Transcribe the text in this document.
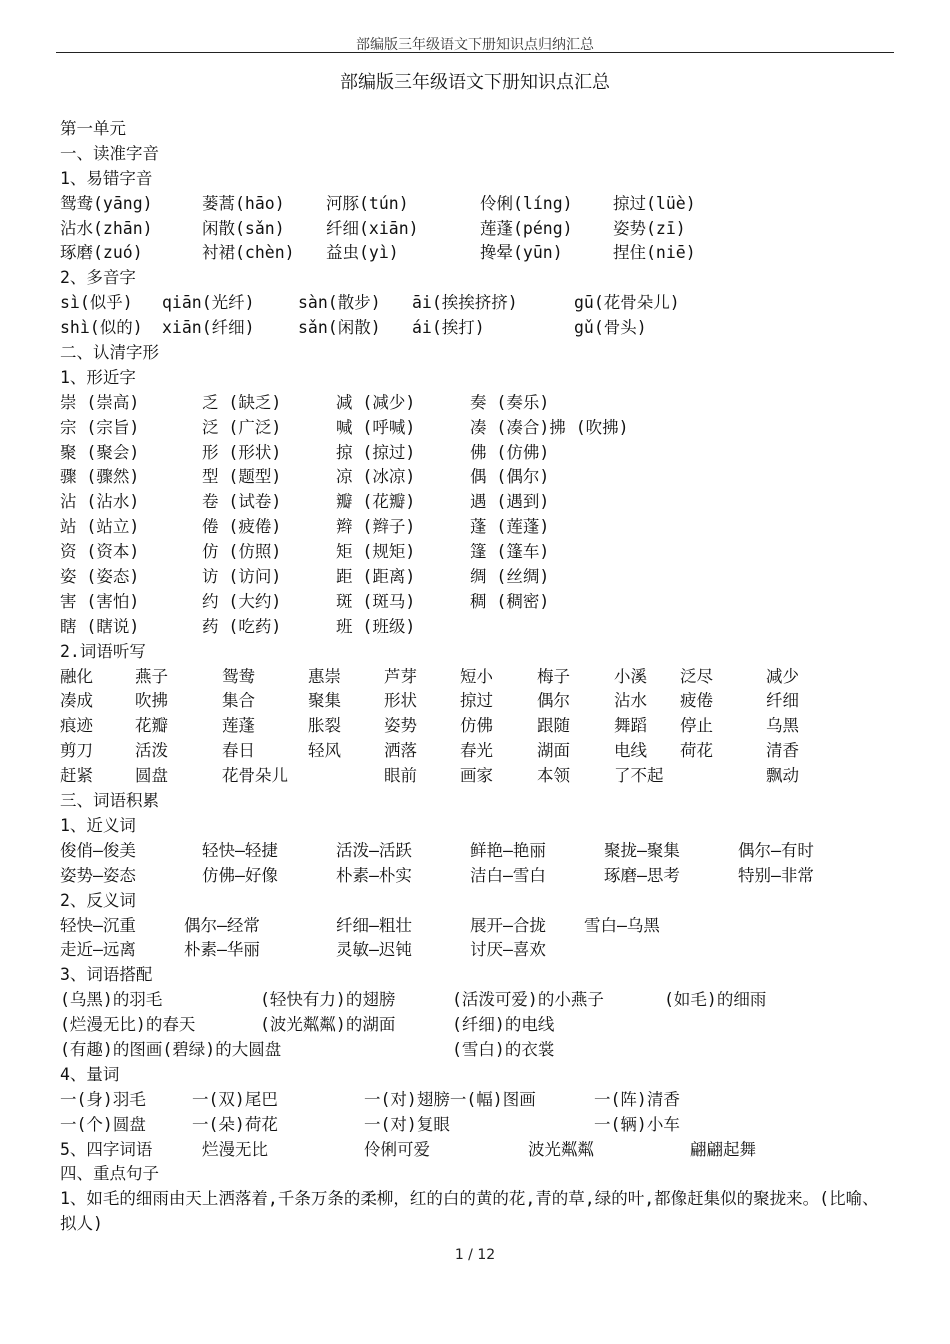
部编版三年级语文下册知识点归纳汇总
部编版三年级语文下册知识点汇总
第一单元
一、读准字音
1、易错字音
鸳鸯(yāng)	蒌蒿(hāo)	河豚(tún)	伶俐(líng) 掠过(lüè)
沾水(zhān)	闲散(sǎn)	纤细(xiān)	莲蓬(péng) 姿势(zī)
琢磨(zuó)	衬裙(chèn) 益虫(yì)	搀晕(yūn)	捏住(niē)
2、多音字
sì(似乎) qiān(光纤)	sàn(散步) āi(挨挨挤挤)	gū(花骨朵儿)
shì(似的) xiān(纤细)	sǎn(闲散) ái(挨打)	gǔ(骨头)
二、认清字形
1、形近字
崇 (崇高)	乏 (缺乏)	减 (减少)	奏 (奏乐)
宗 (宗旨)	泛 (广泛)	喊 (呼喊)	凑 (凑合)拂 (吹拂)
聚 (聚会)	形 (形状)	掠 (掠过)	佛 (仿佛)
骤 (骤然)	型 (题型)	凉 (冰凉)	偶 (偶尔)
沾 (沾水)	卷 (试卷)	瓣 (花瓣)	遇 (遇到)
站 (站立)	倦 (疲倦)	辫 (辫子)	蓬 (莲蓬)
资 (资本)	仿 (仿照)	矩 (规矩)	篷 (篷车)
姿 (姿态)	访 (访问)	距 (距离)	绸 (丝绸)
害 (害怕)	约 (大约)	斑 (斑马)	稠 (稠密)
瞎 (瞎说)	药 (吃药)	班 (班级)
2.词语听写
融化	燕子	鸳鸯	惠崇	芦芽	短小	梅子	小溪 泛尽	减少
凑成	吹拂	集合	聚集	形状	掠过	偶尔	沾水 疲倦	纤细
痕迹	花瓣	莲蓬	胀裂	姿势	仿佛	跟随	舞蹈 停止	乌黑
剪刀	活泼	春日	轻风	洒落	春光	湖面	电线 荷花	清香
赶紧	圆盘	花骨朵儿	眼前	画家	本领	了不起	飘动
三、词语积累
1、近义词
俊俏—俊美	轻快—轻捷	活泼—活跃	鲜艳—艳丽	聚拢—聚集	偶尔—有时
姿势—姿态	仿佛—好像	朴素—朴实	洁白—雪白	琢磨—思考	特别—非常
2、反义词
轻快—沉重	偶尔—经常	纤细—粗壮	展开—合拢 雪白—乌黑
走近—远离	朴素—华丽	灵敏—迟钝	讨厌—喜欢
3、词语搭配
(乌黑)的羽毛	(轻快有力)的翅膀	(活泼可爱)的小燕子	(如毛)的细雨
(烂漫无比)的春天	(波光粼粼)的湖面	(纤细)的电线
(有趣)的图画(碧绿)的大圆盘	(雪白)的衣裳
4、量词
一(身)羽毛	一(双)尾巴	一(对)翅膀一(幅)图画	一(阵)清香
一(个)圆盘	一(朵)荷花	一(对)复眼	一(辆)小车
5、四字词语	烂漫无比	伶俐可爱	波光粼粼	翩翩起舞
四、重点句子
1、如毛的细雨由天上洒落着,千条万条的柔柳，红的白的黄的花,青的草,绿的叶,都像赶集似的聚拢来。(比喻、拟人)
1 / 12
